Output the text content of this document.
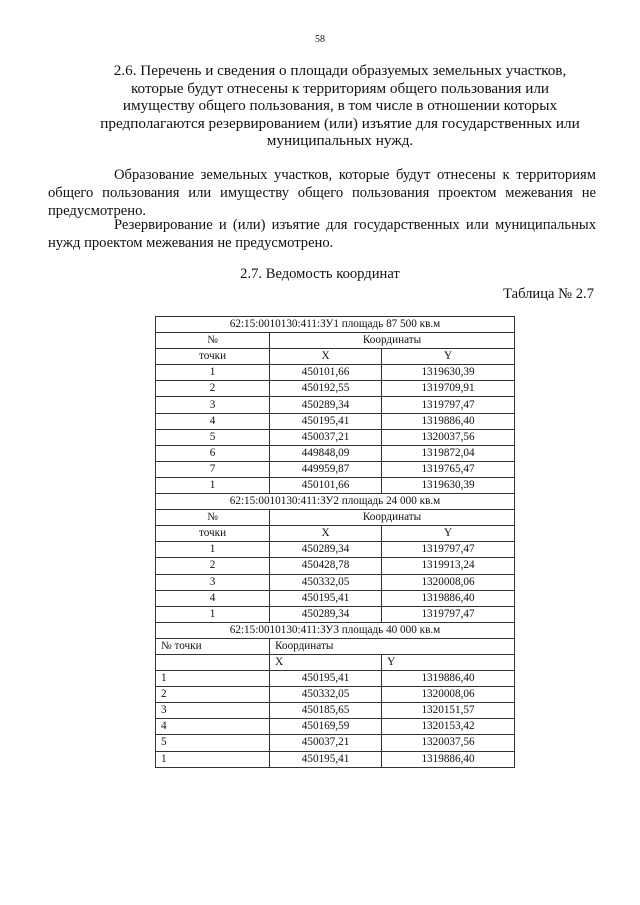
58
2.6. Перечень и сведения о площади образуемых земельных участков, которые будут отнесены к территориям общего пользования или имуществу общего пользования, в том числе в отношении которых предполагаются резервированием (или) изъятие для государственных или муниципальных нужд.
Образование земельных участков, которые будут отнесены к территориям общего пользования или имуществу общего пользования проектом межевания не предусмотрено.
Резервирование и (или) изъятие для государственных или муниципальных нужд проектом межевания не предусмотрено.
2.7. Ведомость координат
Таблица № 2.7
62:15:0010130:411:ЗУ1 площадь 87 500 кв.м		
№	Координаты	
точки	X	Y
1	450101,66	1319630,39
2	450192,55	1319709,91
3	450289,34	1319797,47
4	450195,41	1319886,40
5	450037,21	1320037,56
6	449848,09	1319872,04
7	449959,87	1319765,47
1	450101,66	1319630,39
62:15:0010130:411:ЗУ2 площадь 24 000 кв.м		
№	Координаты	
точки	X	Y
1	450289,34	1319797,47
2	450428,78	1319913,24
3	450332,05	1320008,06
4	450195,41	1319886,40
1	450289,34	1319797,47
62:15:0010130:411:ЗУ3 площадь 40 000 кв.м		
№ точки	Координаты	
	X	Y
1	450195,41	1319886,40
2	450332,05	1320008,06
3	450185,65	1320151,57
4	450169,59	1320153,42
5	450037,21	1320037,56
1	450195,41	1319886,40
